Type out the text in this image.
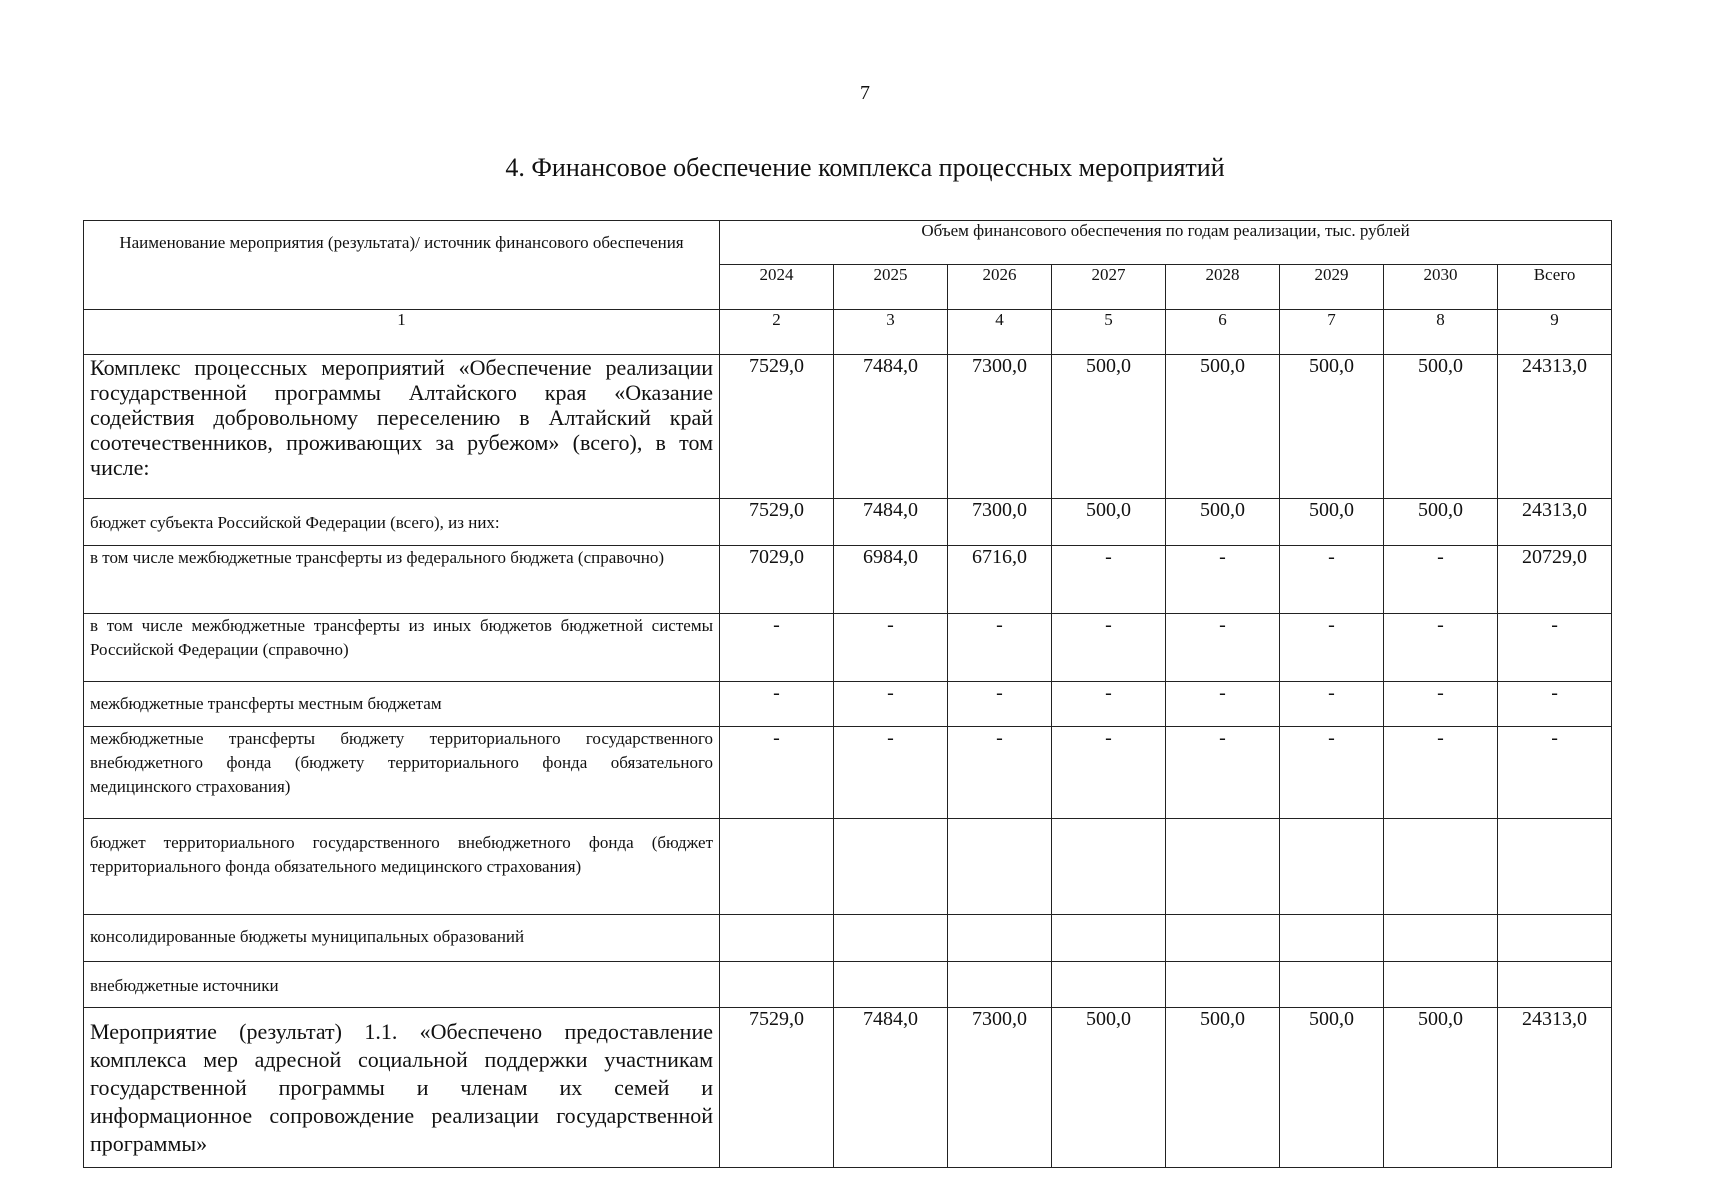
7
4. Финансовое обеспечение комплекса процессных мероприятий
Наименование мероприятия (результата)/ источник финансового обеспечения	Объем финансового обеспечения по годам реализации, тыс. рублей							
	2024	2025	2026	2027	2028	2029	2030	Всего
1	2	3	4	5	6	7	8	9
Комплекс процессных мероприятий «Обеспечение реализации государственной программы Алтайского края «Оказание содействия добровольному переселению в Алтайский край соотечественников, проживающих за рубежом» (всего), в том числе:	7529,0	7484,0	7300,0	500,0	500,0	500,0	500,0	24313,0
бюджет субъекта Российской Федерации (всего), из них:	7529,0	7484,0	7300,0	500,0	500,0	500,0	500,0	24313,0
в том числе межбюджетные трансферты из федерального бюджета (справочно)	7029,0	6984,0	6716,0	-	-	-	-	20729,0
в том числе межбюджетные трансферты из иных бюджетов бюджетной системы Российской Федерации (справочно)	-	-	-	-	-	-	-	-
межбюджетные трансферты местным бюджетам	-	-	-	-	-	-	-	-
межбюджетные трансферты бюджету территориального государственного внебюджетного фонда (бюджету территориального фонда обязательного медицинского страхования)	-	-	-	-	-	-	-	-
бюджет территориального государственного внебюджетного фонда (бюджет территориального фонда обязательного медицинского страхования)								
консолидированные бюджеты муниципальных образований								
внебюджетные источники								
Мероприятие (результат) 1.1. «Обеспечено предоставление комплекса мер адресной социальной поддержки участникам государственной программы и членам их семей и информационное сопровождение реализации государственной программы»	7529,0	7484,0	7300,0	500,0	500,0	500,0	500,0	24313,0
